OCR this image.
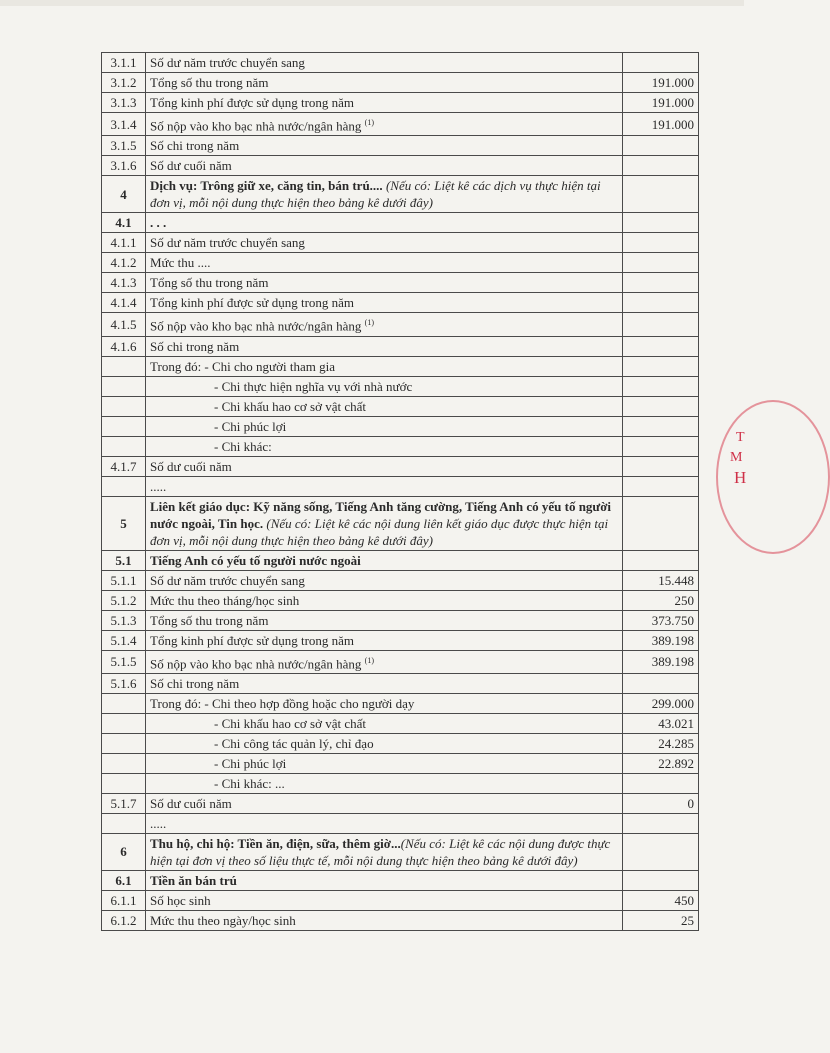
3.1.1	Số dư năm trước chuyển sang	
3.1.2	Tổng số thu trong năm	191.000
3.1.3	Tổng kinh phí được sử dụng trong năm	191.000
3.1.4	Số nộp vào kho bạc nhà nước/ngân hàng $^{(1)}$	191.000
3.1.5	Số chi trong năm	
3.1.6	Số dư cuối năm	
4	Dịch vụ: Trông giữ xe, căng tin, bán trú.... (Nếu có: Liệt kê các dịch vụ thực hiện tại đơn vị, mỗi nội dung thực hiện theo bảng kê dưới đây)	
4.1	. . .	
4.1.1	Số dư năm trước chuyển sang	
4.1.2	Mức thu ....	
4.1.3	Tổng số thu trong năm	
4.1.4	Tổng kinh phí được sử dụng trong năm	
4.1.5	Số nộp vào kho bạc nhà nước/ngân hàng $^{(1)}$	
4.1.6	Số chi trong năm	
	Trong đó: - Chi cho người tham gia	
	- Chi thực hiện nghĩa vụ với nhà nước	
	- Chi khấu hao cơ sở vật chất	
	- Chi phúc lợi	
	- Chi khác:	
4.1.7	Số dư cuối năm	
	.....	
5	Liên kết giáo dục: Kỹ năng sống, Tiếng Anh tăng cường, Tiếng Anh có yếu tố người nước ngoài, Tin học. (Nếu có: Liệt kê các nội dung liên kết giáo dục được thực hiện tại đơn vị, mỗi nội dung thực hiện theo bảng kê dưới đây)	
5.1	Tiếng Anh có yếu tố người nước ngoài	
5.1.1	Số dư năm trước chuyển sang	15.448
5.1.2	Mức thu theo tháng/học sinh	250
5.1.3	Tổng số thu trong năm	373.750
5.1.4	Tổng kinh phí được sử dụng trong năm	389.198
5.1.5	Số nộp vào kho bạc nhà nước/ngân hàng $^{(1)}$	389.198
5.1.6	Số chi trong năm	
	Trong đó: - Chi theo hợp đồng hoặc cho người dạy	299.000
	- Chi khấu hao cơ sở vật chất	43.021
	- Chi công tác quản lý, chỉ đạo	24.285
	- Chi phúc lợi	22.892
	- Chi khác: ...	
5.1.7	Số dư cuối năm	0
	.....	
6	Thu hộ, chi hộ: Tiền ăn, điện, sữa, thêm giờ...(Nếu có: Liệt kê các nội dung được thực hiện tại đơn vị theo số liệu thực tế, mỗi nội dung thực hiện theo bảng kê dưới đây)	
6.1	Tiền ăn bán trú	
6.1.1	Số học sinh	450
6.1.2	Mức thu theo ngày/học sinh	25
T
M
H
